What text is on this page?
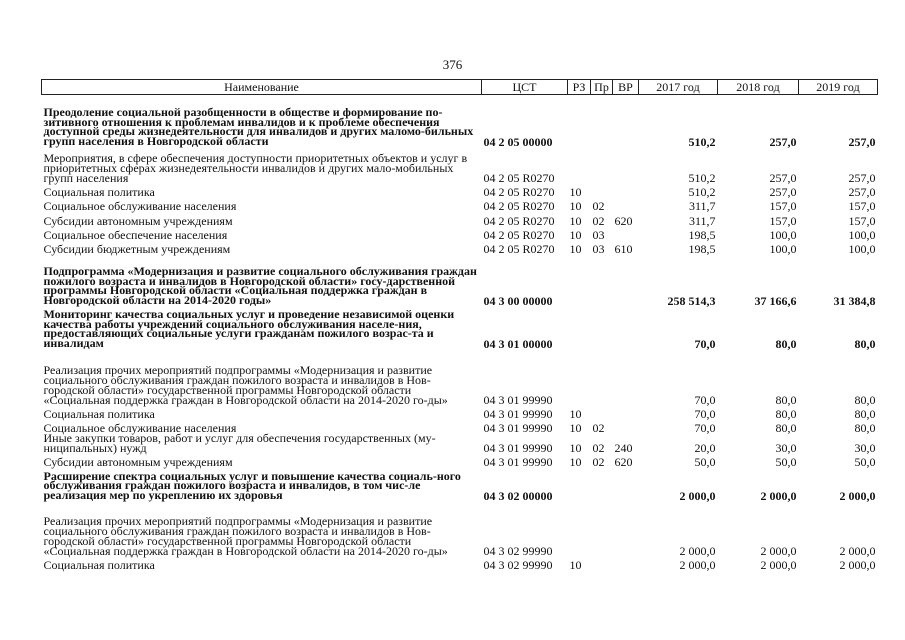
376
Наименование	ЦСТ	РЗ	Пр	ВР	2017 год	2018 год	2019 год
Преодоление социальной разобщенности в обществе и формирование по-зитивного отношения к проблемам инвалидов и к проблеме обеспечения доступной среды жизнедеятельности для инвалидов и других маломо-бильных групп населения в Новгородской области	04 2 05 00000				510,2	257,0	257,0
Мероприятия, в сфере обеспечения доступности приоритетных объектов и услуг в приоритетных сферах жизнедеятельности инвалидов и других мало-мобильных групп населения	04 2 05 R0270				510,2	257,0	257,0
Социальная политика	04 2 05 R0270	10			510,2	257,0	257,0
Социальное обслуживание населения	04 2 05 R0270	10	02		311,7	157,0	157,0
Субсидии автономным учреждениям	04 2 05 R0270	10	02	620	311,7	157,0	157,0
Социальное обеспечение населения	04 2 05 R0270	10	03		198,5	100,0	100,0
Субсидии бюджетным учреждениям	04 2 05 R0270	10	03	610	198,5	100,0	100,0
Подпрограмма «Модернизация и развитие социального обслуживания граждан пожилого возраста и инвалидов в Новгородской области» госу-дарственной программы Новгородской области «Социальная поддержка граждан в Новгородской области на 2014-2020 годы»	04 3 00 00000				258 514,3	37 166,6	31 384,8
Мониторинг качества социальных услуг и проведение независимой оценки качества работы учреждений социального обслуживания населе-ния, предоставляющих социальные услуги гражданам пожилого возрас-та и инвалидам	04 3 01 00000				70,0	80,0	80,0
Реализация прочих мероприятий подпрограммы «Модернизация и развитие социального обслуживания граждан пожилого возраста и инвалидов в Нов-городской области» государственной программы Новгородской области «Социальная поддержка граждан в Новгородской области на 2014-2020 го-ды»	04 3 01 99990				70,0	80,0	80,0
Социальная политика	04 3 01 99990	10			70,0	80,0	80,0
Социальное обслуживание населения	04 3 01 99990	10	02		70,0	80,0	80,0
Иные закупки товаров, работ и услуг для обеспечения государственных (му-ниципальных) нужд	04 3 01 99990	10	02	240	20,0	30,0	30,0
Субсидии автономным учреждениям	04 3 01 99990	10	02	620	50,0	50,0	50,0
Расширение спектра социальных услуг и повышение качества социаль-ного обслуживания граждан пожилого возраста и инвалидов, в том чис-ле реализация мер по укреплению их здоровья	04 3 02 00000				2 000,0	2 000,0	2 000,0
Реализация прочих мероприятий подпрограммы «Модернизация и развитие социального обслуживания граждан пожилого возраста и инвалидов в Нов-городской области» государственной программы Новгородской области «Социальная поддержка граждан в Новгородской области на 2014-2020 го-ды»	04 3 02 99990				2 000,0	2 000,0	2 000,0
Социальная политика	04 3 02 99990	10			2 000,0	2 000,0	2 000,0
